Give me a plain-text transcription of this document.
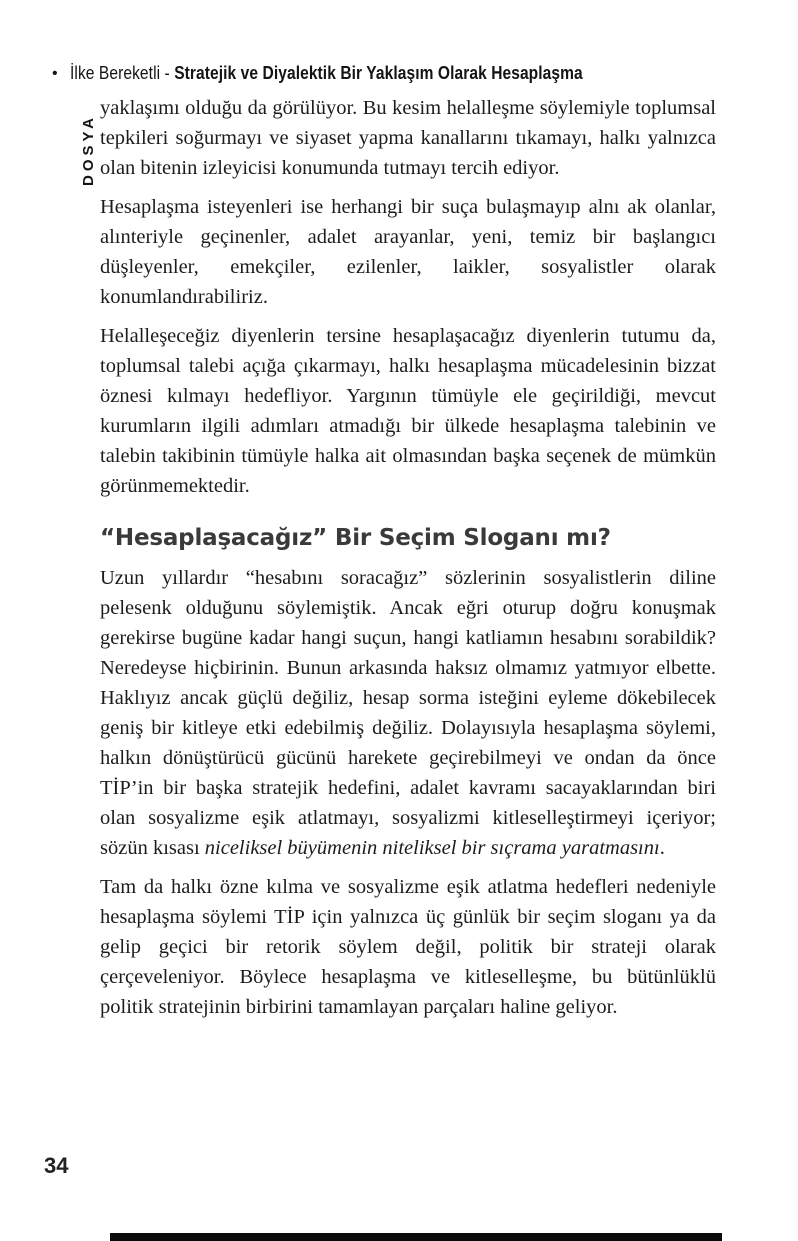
• İlke Bereketli - Stratejik ve Diyalektik Bir Yaklaşım Olarak Hesaplaşma
DOSYA

yaklaşımı olduğu da görülüyor. Bu kesim helalleşme söylemiyle toplumsal tepkileri soğurmayı ve siyaset yapma kanallarını tıkamayı, halkı yalnızca olan bitenin izleyicisi konumunda tutmayı tercih ediyor.

Hesaplaşma isteyenleri ise herhangi bir suça bulaşmayıp alnı ak olanlar, alınteriyle geçinenler, adalet arayanlar, yeni, temiz bir başlangıcı düşleyenler, emekçiler, ezilenler, laikler, sosyalistler olarak konumlandırabiliriz.

Helalleşeceğiz diyenlerin tersine hesaplaşacağız diyenlerin tutumu da, toplumsal talebi açığa çıkarmayı, halkı hesaplaşma mücadelesinin bizzat öznesi kılmayı hedefliyor. Yargının tümüyle ele geçirildiği, mevcut kurumların ilgili adımları atmadığı bir ülkede hesaplaşma talebinin ve talebin takibinin tümüyle halka ait olmasından başka seçenek de mümkün görünmemektedir.

“Hesaplaşacağız” Bir Seçim Sloganı mı?

Uzun yıllardır “hesabını soracağız” sözlerinin sosyalistlerin diline pelesenk olduğunu söylemiştik. Ancak eğri oturup doğru konuşmak gerekirse bugüne kadar hangi suçun, hangi katliamın hesabını sorabildik? Neredeyse hiçbirinin. Bunun arkasında haksız olmamız yatmıyor elbette. Haklıyız ancak güçlü değiliz, hesap sorma isteğini eyleme dökebilecek geniş bir kitleye etki edebilmiş değiliz. Dolayısıyla hesaplaşma söylemi, halkın dönüştürücü gücünü harekete geçirebilmeyi ve ondan da önce TİP’in bir başka stratejik hedefini, adalet kavramı sacayaklarından biri olan sosyalizme eşik atlatmayı, sosyalizmi kitleselleştirmeyi içeriyor; sözün kısası niceliksel büyümenin niteliksel bir sıçrama yaratmasını.

Tam da halkı özne kılma ve sosyalizme eşik atlatma hedefleri nedeniyle hesaplaşma söylemi TİP için yalnızca üç günlük bir seçim sloganı ya da gelip geçici bir retorik söylem değil, politik bir strateji olarak çerçeveleniyor. Böylece hesaplaşma ve kitleselleşme, bu bütünlüklü politik stratejinin birbirini tamamlayan parçaları haline geliyor.

34
